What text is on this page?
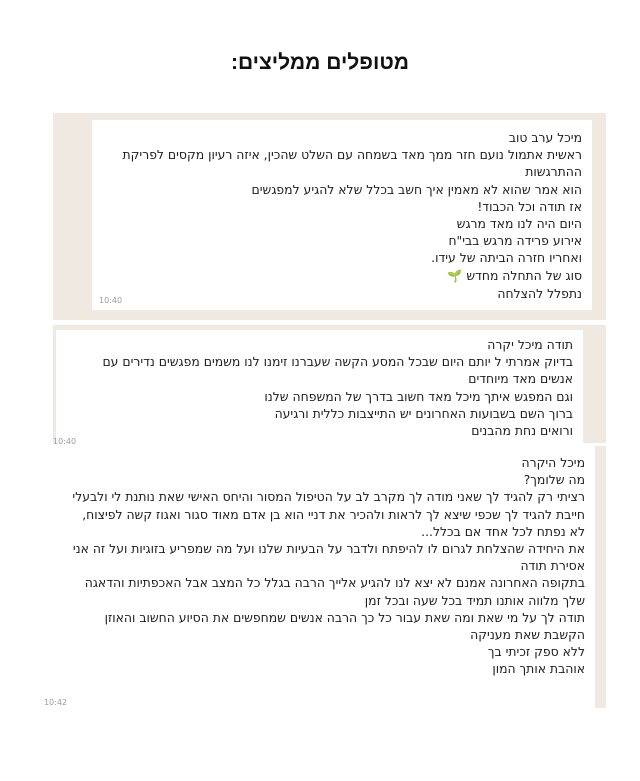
מטופלים ממליצים:
מיכל ערב טוב
ראשית אתמול נועם חזר ממך מאד בשמחה עם השלט שהכין, איזה רעיון מקסים לפריקת ההתרגשות
הוא אמר שהוא לא מאמין איך חשב בכלל שלא להגיע למפגשים
אז תודה וכל הכבוד!
היום היה לנו מאד מרגש
אירוע פרידה מרגש בבי"ח
ואחריו חזרה הביתה של עידו.
סוג של התחלה מחדש 🌱
נתפלל להצלחה
10:40
תודה מיכל יקרה
בדיוק אמרתי ל יותם היום שבכל המסע הקשה שעברנו זימנו לנו משמים מפגשים נדירים עם אנשים מאד מיוחדים
וגם המפגש איתך מיכל מאד חשוב בדרך של המשפחה שלנו
ברוך השם בשבועות האחרונים יש התייצבות כללית ורגיעה
ורואים נחת מהבנים
10:40
מיכל היקרה
מה שלומך?
רציתי רק להגיד לך שאני מודה לך מקרב לב על הטיפול המסור והיחס האישי שאת נותנת לי ולבעלי
חייבת להגיד לך שכפי שיצא לך לראות ולהכיר את דניי הוא בן אדם מאוד סגור ואגוז קשה לפיצוח, לא נפתח לכל אחד אם בכלל...
את היחידה שהצלחת לגרום לו להיפתח ולדבר על הבעיות שלנו ועל מה שמפריע בזוגיות ועל זה אני אסירת תודה
בתקופה האחרונה אמנם לא יצא לנו להגיע אלייך הרבה בגלל כל המצב אבל האכפתיות והדאגה שלך מלווה אותנו תמיד בכל שעה ובכל זמן
תודה לך על מי שאת ומה שאת עבור כל כך הרבה אנשים שמחפשים את הסיוע החשוב והאוזן הקשבת שאת מעניקה
ללא ספק זכיתי בך
אוהבת אותך המון
10:42
